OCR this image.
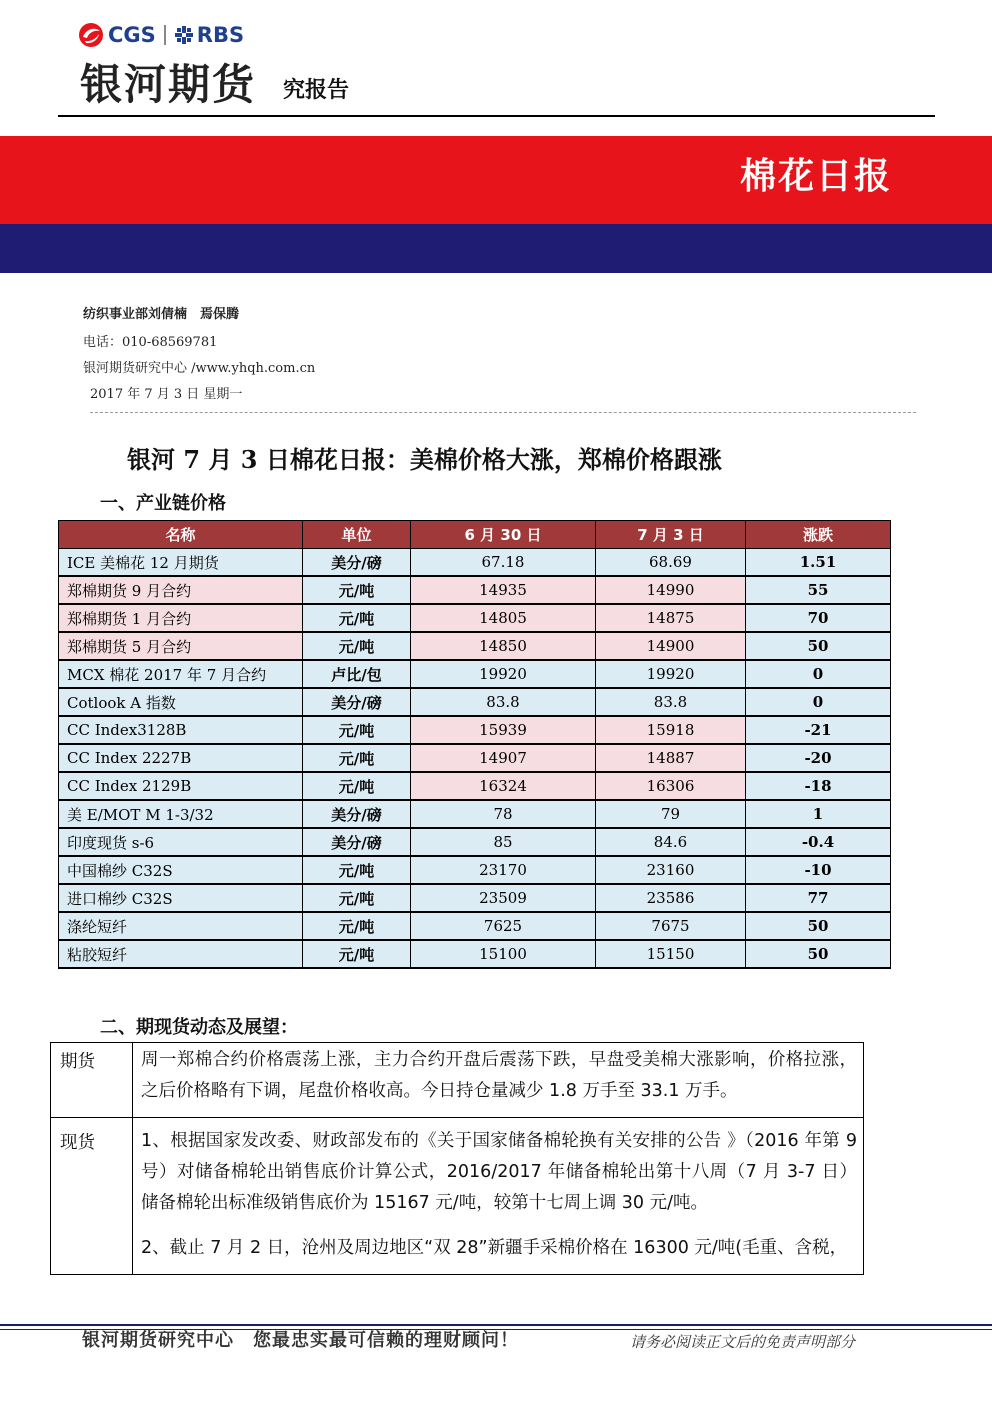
CGS RBS
银河期货 究报告
棉花日报
纺织事业部刘倩楠　焉保腾
电话：010-68569781
银河期货研究中心 /www.yhqh.com.cn
2017 年 7 月 3 日 星期一
银河 7 月 3 日棉花日报：美棉价格大涨，郑棉价格跟涨
一、产业链价格
名称	单位	6 月 30 日	7 月 3 日	涨跌
ICE 美棉花 12 月期货	美分/磅	67.18	68.69	1.51
郑棉期货 9 月合约	元/吨	14935	14990	55
郑棉期货 1 月合约	元/吨	14805	14875	70
郑棉期货 5 月合约	元/吨	14850	14900	50
MCX 棉花 2017 年 7 月合约	卢比/包	19920	19920	0
Cotlook A 指数	美分/磅	83.8	83.8	0
CC Index3128B	元/吨	15939	15918	-21
CC Index 2227B	元/吨	14907	14887	-20
CC Index 2129B	元/吨	16324	16306	-18
美 E/MOT M 1-3/32	美分/磅	78	79	1
印度现货 s-6	美分/磅	85	84.6	-0.4
中国棉纱 C32S	元/吨	23170	23160	-10
进口棉纱 C32S	元/吨	23509	23586	77
涤纶短纤	元/吨	7625	7675	50
粘胶短纤	元/吨	15100	15150	50
二、期现货动态及展望：
期货	周一郑棉合约价格震荡上涨，主力合约开盘后震荡下跌，早盘受美棉大涨影响，价格拉涨，之后价格略有下调，尾盘价格收高。今日持仓量减少 1.8 万手至 33.1 万手。

现货	1、根据国家发改委、财政部发布的《关于国家储备棉轮换有关安排的公告 》（2016 年第 9 号）对储备棉轮出销售底价计算公式，2016/2017 年储备棉轮出第十八周（7 月 3-7 日）储备棉轮出标准级销售底价为 15167 元/吨，较第十七周上调 30 元/吨。

2、截止 7 月 2 日，沧州及周边地区“双 28”新疆手采棉价格在 16300 元/吨(毛重、含税，

银河期货研究中心　您最忠实最可信赖的理财顾问！	请务必阅读正文后的免责声明部分
